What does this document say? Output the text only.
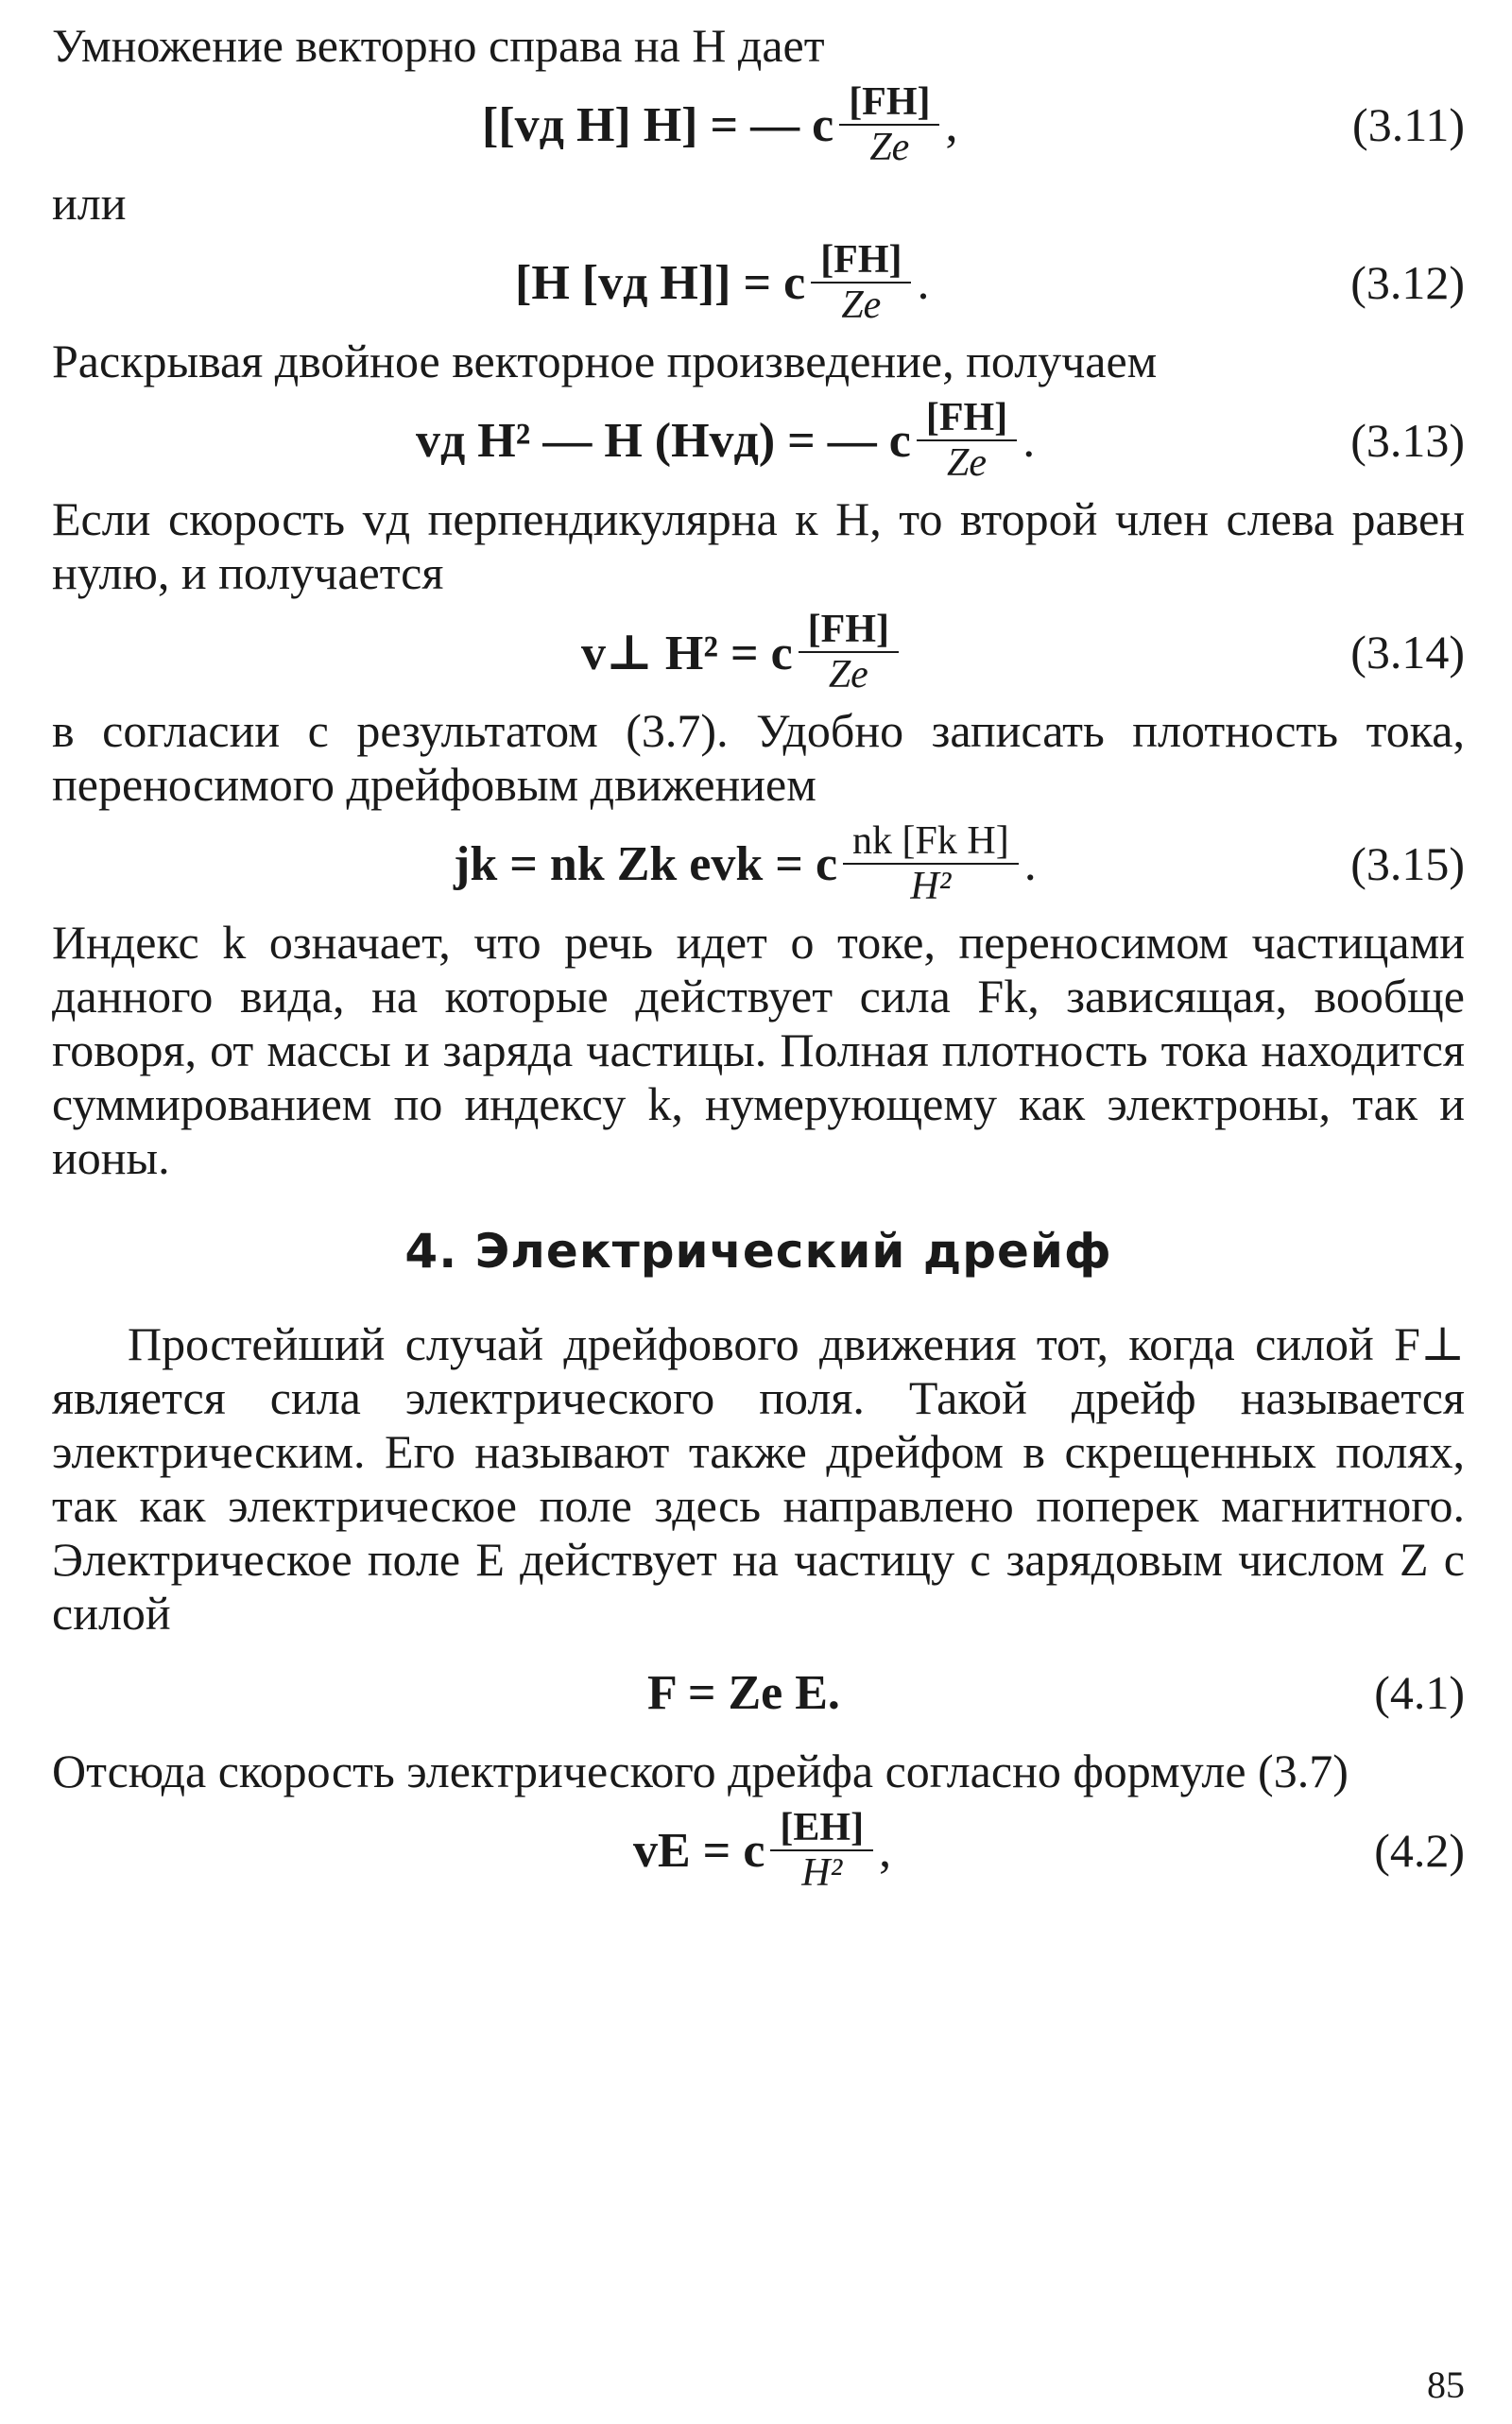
Умножение векторно справа на H дает

[[vд H] H] = — c $\frac{[FH]}{Ze}$ ,	(3.11)

или

[H [vд H]] = c $\frac{[FH]}{Ze}$ .	(3.12)

Раскрывая двойное векторное произведение, получаем

vд H² — H (Hvд) = — c $\frac{[FH]}{Ze}$ .	(3.13)

Если скорость vд перпендикулярна к H, то второй член слева равен нулю, и получается

v⊥ H² = c $\frac{[FH]}{Ze}$	(3.14)

в согласии с результатом (3.7). Удобно записать плотность тока, переносимого дрейфовым движением

jk = nk Zk evk = c $\frac{\text{nk [Fk H]}}{\text{H²}}$ .	(3.15)

Индекс k означает, что речь идет о токе, переносимом частицами данного вида, на которые действует сила Fk, зависящая, вообще говоря, от массы и заряда частицы. Полная плотность тока находится суммированием по индексу k, нумерующему как электроны, так и ионы.

4. Электрический дрейф

Простейший случай дрейфового движения тот, когда силой F⊥ является сила электрического поля. Такой дрейф называется электрическим. Его называют также дрейфом в скрещенных полях, так как электрическое поле здесь направлено поперек магнитного. Электрическое поле E действует на частицу с зарядовым числом Z с силой

F = Ze E.	(4.1)

Отсюда скорость электрического дрейфа согласно формуле (3.7)

vE = c $\frac{[EH]}{\text{H²}}$ ,	(4.2)
85
